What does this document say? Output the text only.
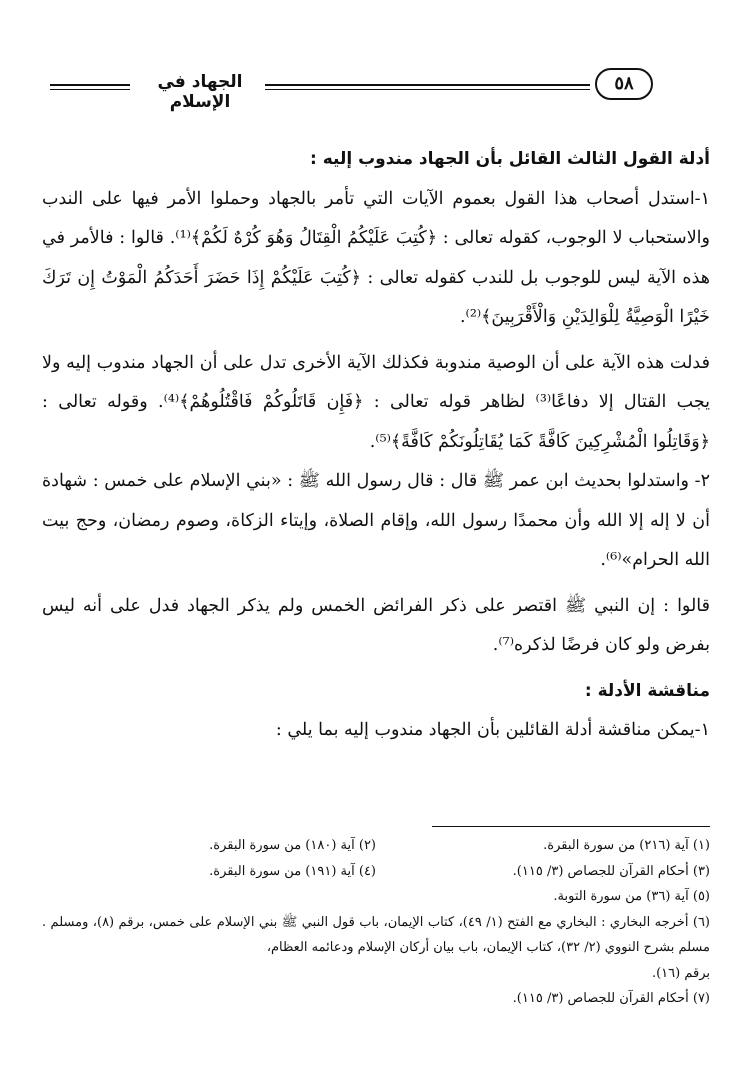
الجهاد في الإسلام
٥٨

أدلة القول الثالث القائل بأن الجهاد مندوب إليه :

١-استدل أصحاب هذا القول بعموم الآيات التي تأمر بالجهاد وحملوا الأمر فيها على الندب والاستحباب لا الوجوب، كقوله تعالى : ﴿كُتِبَ عَلَيْكُمُ الْقِتَالُ وَهُوَ كُرْهٌ لَكُمْ﴾⁽¹⁾. قالوا : فالأمر في هذه الآية ليس للوجوب بل للندب كقوله تعالى : ﴿كُتِبَ عَلَيْكُمْ إِذَا حَضَرَ أَحَدَكُمُ الْمَوْتُ إِن تَرَكَ خَيْرًا الْوَصِيَّةُ لِلْوَالِدَيْنِ وَالْأَقْرَبِينَ﴾⁽²⁾.

فدلت هذه الآية على أن الوصية مندوبة فكذلك الآية الأخرى تدل على أن الجهاد مندوب إليه ولا يجب القتال إلا دفاعًا⁽³⁾ لظاهر قوله تعالى : ﴿فَإِن قَاتَلُوكُمْ فَاقْتُلُوهُمْ﴾⁽⁴⁾. وقوله تعالى : ﴿وَقَاتِلُوا الْمُشْرِكِينَ كَافَّةً كَمَا يُقَاتِلُونَكُمْ كَافَّةً﴾⁽⁵⁾.

٢- واستدلوا بحديث ابن عمر ﷺ قال : قال رسول الله ﷺ : «بني الإسلام على خمس : شهادة أن لا إله إلا الله وأن محمدًا رسول الله، وإقام الصلاة، وإيتاء الزكاة، وصوم رمضان، وحج بيت الله الحرام»⁽⁶⁾.

قالوا : إن النبي ﷺ اقتصر على ذكر الفرائض الخمس ولم يذكر الجهاد فدل على أنه ليس بفرض ولو كان فرضًا لذكره⁽⁷⁾.

مناقشة الأدلة :

١-يمكن مناقشة أدلة القائلين بأن الجهاد مندوب إليه بما يلي :

(١) آية (٢١٦) من سورة البقرة.
(٢) آية (١٨٠) من سورة البقرة.
(٣) أحكام القرآن للجصاص (٣/ ١١٥).
(٤) آية (١٩١) من سورة البقرة.
(٥) آية (٣٦) من سورة التوبة.
(٦) أخرجه البخاري : البخاري مع الفتح (١/ ٤٩)، كتاب الإيمان، باب قول النبي ﷺ بني الإسلام على خمس، برقم (٨)، ومسلم . مسلم بشرح النووي (٢/ ٣٢)، كتاب الإيمان، باب بيان أركان الإسلام ودعائمه العظام،
برقم (١٦).
(٧) أحكام القرآن للجصاص (٣/ ١١٥).
